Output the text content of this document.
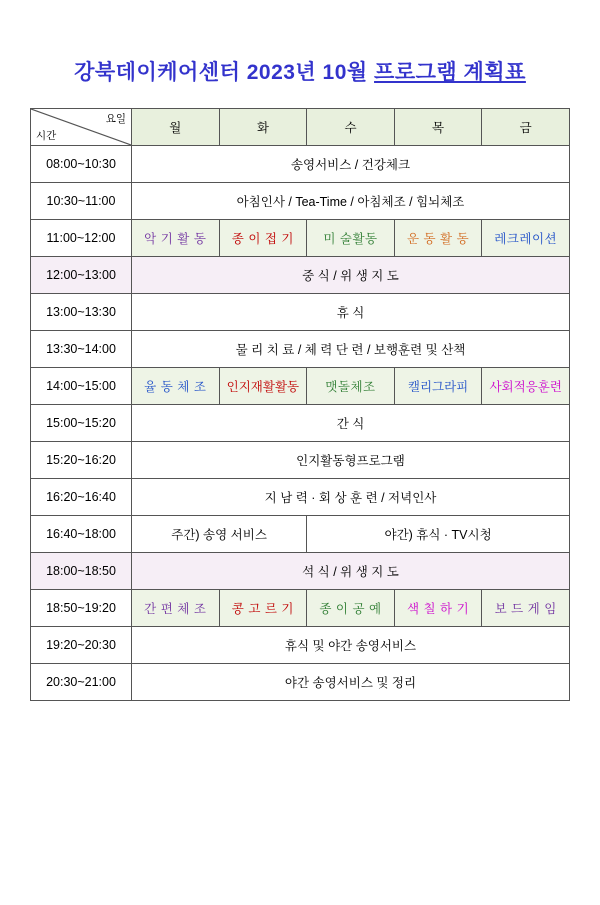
강북데이케어센터 2023년 10월 프로그램 계획표
시간
요일	월	화	수	목	금
08:00~10:30	송영서비스 / 건강체크				
10:30~11:00	아침인사 / Tea-Time / 아침체조 / 힘뇌체조				
11:00~12:00	악 기 활 동	종 이 접 기	미 술활동	운 동 활 동	레크레이션
12:00~13:00	중 식 / 위 생 지 도				
13:00~13:30	휴 식				
13:30~14:00	물 리 치 료 / 체 력 단 련 / 보행훈련 및 산책				
14:00~15:00	율 동 체 조	인지재활활동	맷돌체조	캘리그라피	사회적응훈련
15:00~15:20	간 식				
15:20~16:20	인지활동형프로그램				
16:20~16:40	지 남 력 · 회 상 훈 련 / 저녁인사				
16:40~18:00	주간) 송영 서비스		야간) 휴식 · TV시청		
18:00~18:50	석 식 / 위 생 지 도				
18:50~19:20	간 편 체 조	콩 고 르 기	종 이 공 예	색 칠 하 기	보 드 게 임
19:20~20:30	휴식 및 야간 송영서비스				
20:30~21:00	야간 송영서비스 및 정리				
